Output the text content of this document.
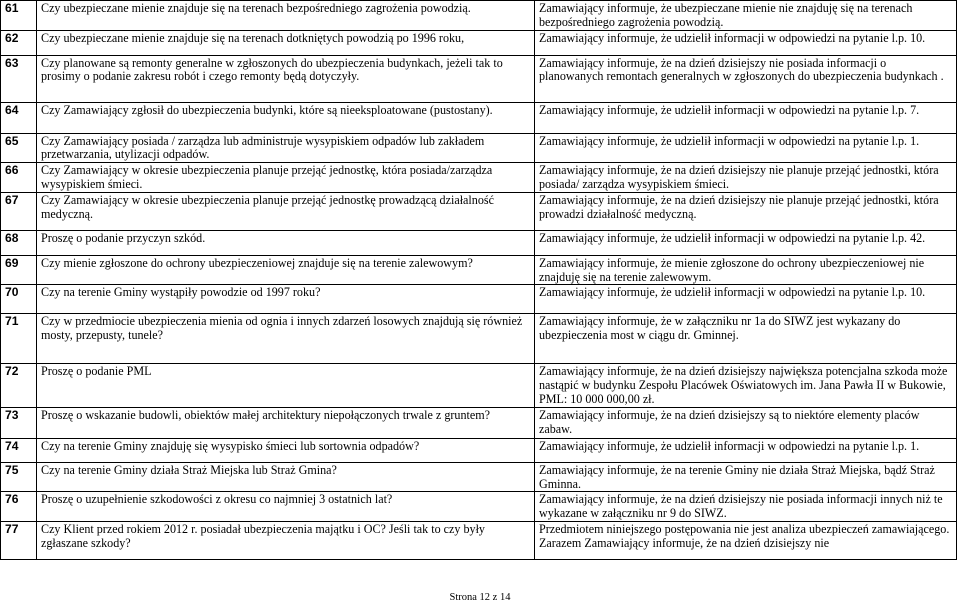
61	Czy ubezpieczane mienie znajduje się na terenach bezpośredniego zagrożenia powodzią.	Zamawiający informuje, że ubezpieczane mienie nie znajduję się na terenach bezpośredniego zagrożenia powodzią.
62	Czy ubezpieczane mienie znajduje się na terenach dotkniętych powodzią po 1996 roku,	Zamawiający informuje, że udzielił informacji w odpowiedzi na pytanie l.p. 10.
63	Czy planowane są remonty generalne w zgłoszonych do ubezpieczenia budynkach, jeżeli tak to prosimy o podanie zakresu robót i czego remonty będą dotyczyły.	Zamawiający informuje, że na dzień dzisiejszy nie posiada informacji o planowanych remontach generalnych w zgłoszonych do ubezpieczenia budynkach .
64	Czy Zamawiający zgłosił do ubezpieczenia budynki, które są nieeksploatowane (pustostany).	Zamawiający informuje, że udzielił informacji w odpowiedzi na pytanie l.p. 7.
65	Czy Zamawiający posiada / zarządza lub administruje wysypiskiem odpadów lub zakładem przetwarzania, utylizacji odpadów.	Zamawiający informuje, że udzielił informacji w odpowiedzi na pytanie l.p. 1.
66	Czy Zamawiający w okresie ubezpieczenia planuje przejąć jednostkę, która posiada/zarządza wysypiskiem śmieci.	Zamawiający informuje, że na dzień dzisiejszy nie planuje przejąć jednostki, która posiada/ zarządza wysypiskiem śmieci.
67	Czy Zamawiający w okresie ubezpieczenia planuje przejąć jednostkę prowadzącą działalność medyczną.	Zamawiający informuje, że na dzień dzisiejszy nie planuje przejąć jednostki, która prowadzi działalność medyczną.
68	Proszę o podanie przyczyn szkód.	Zamawiający informuje, że udzielił informacji w odpowiedzi na pytanie l.p. 42.
69	Czy mienie zgłoszone do ochrony ubezpieczeniowej znajduje się na terenie zalewowym?	Zamawiający informuje, że mienie zgłoszone do ochrony ubezpieczeniowej nie znajduję się na terenie zalewowym.
70	Czy na terenie Gminy wystąpiły powodzie od 1997 roku?	Zamawiający informuje, że udzielił informacji w odpowiedzi na pytanie l.p. 10.
71	Czy w przedmiocie ubezpieczenia mienia od ognia i innych zdarzeń losowych znajdują się również mosty, przepusty, tunele?	Zamawiający informuje, że w załączniku nr 1a do SIWZ jest wykazany do ubezpieczenia most w ciągu dr. Gminnej.
72	Proszę o podanie PML	Zamawiający informuje, że na dzień dzisiejszy największa potencjalna szkoda może nastąpić w budynku Zespołu Placówek Oświatowych im. Jana Pawła II w Bukowie, PML: 10 000 000,00 zł.
73	Proszę o wskazanie budowli, obiektów małej architektury niepołączonych trwale z gruntem?	Zamawiający informuje, że na dzień dzisiejszy są to niektóre elementy placów zabaw.
74	Czy na terenie Gminy znajduję się wysypisko śmieci lub sortownia odpadów?	Zamawiający informuje, że udzielił informacji w odpowiedzi na pytanie l.p. 1.
75	Czy na terenie Gminy działa Straż Miejska lub Straż Gmina?	Zamawiający informuje, że na terenie Gminy nie działa Straż Miejska, bądź Straż Gminna.
76	Proszę o uzupełnienie szkodowości z okresu co najmniej 3 ostatnich lat?	Zamawiający informuje, że na dzień dzisiejszy nie posiada informacji innych niż te wykazane w załączniku nr 9 do SIWZ.
77	Czy Klient przed rokiem 2012 r. posiadał ubezpieczenia majątku i OC? Jeśli tak to czy były zgłaszane szkody?	Przedmiotem niniejszego postępowania nie jest analiza ubezpieczeń zamawiającego. Zarazem Zamawiający informuje, że na dzień dzisiejszy nie
Strona 12 z 14
